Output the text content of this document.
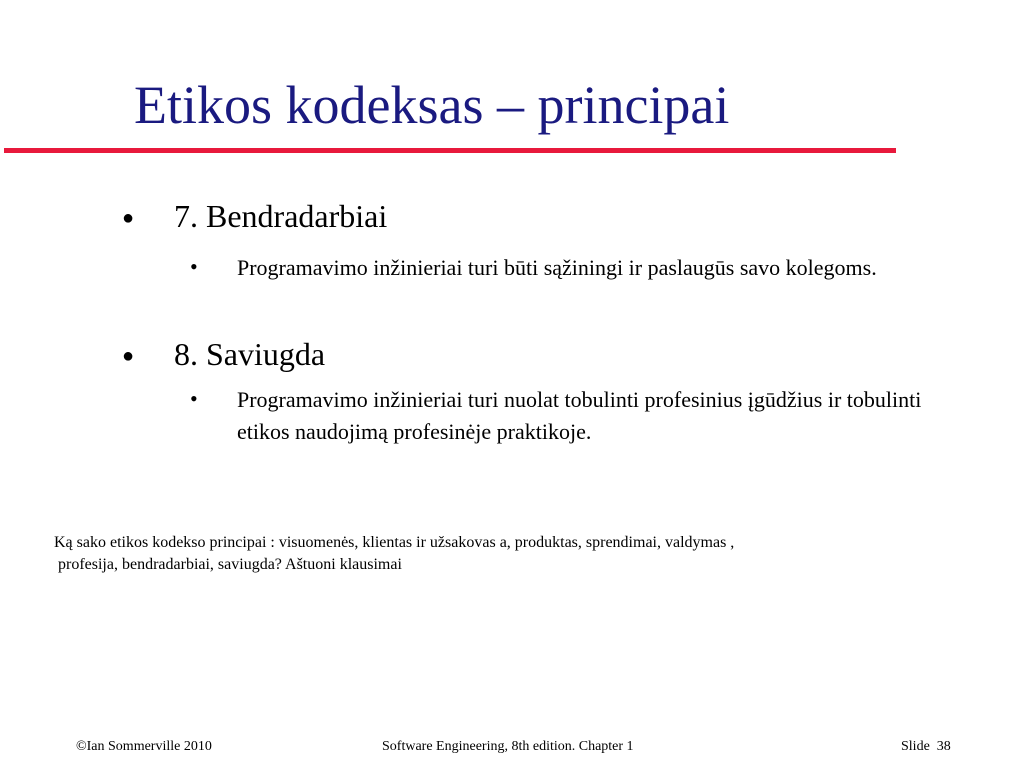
Etikos kodeksas – principai
● 7. Bendradarbiai
• Programavimo inžinieriai turi būti sąžiningi ir paslaugūs savo kolegoms.
● 8. Saviugda
• Programavimo inžinieriai turi nuolat tobulinti profesinius įgūdžius ir tobulinti etikos naudojimą profesinėje praktikoje.
Ką sako etikos kodekso principai : visuomenės, klientas ir užsakovas a, produktas, sprendimai, valdymas ,
profesija, bendradarbiai, saviugda? Aštuoni klausimai
©Ian Sommerville 2010	Software Engineering, 8th edition. Chapter 1	Slide  38
